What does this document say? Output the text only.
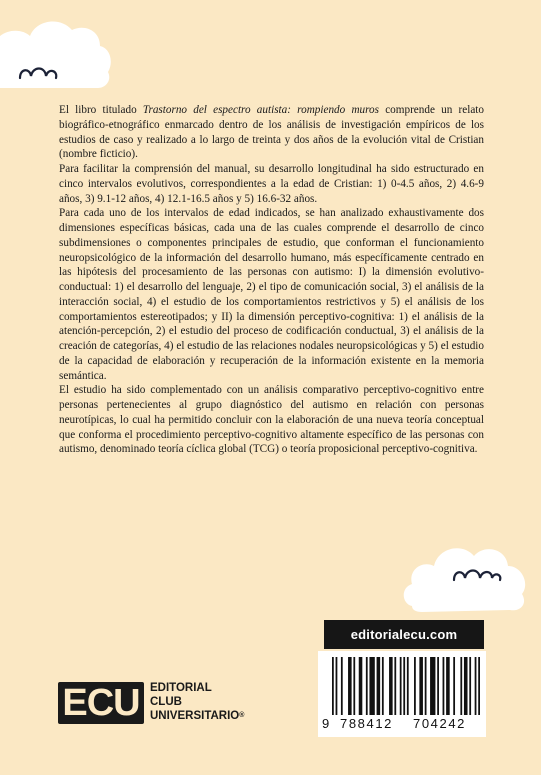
El libro titulado Trastorno del espectro autista: rompiendo muros comprende un relato biográfico-etnográfico enmarcado dentro de los análisis de investigación empíricos de los estudios de caso y realizado a lo largo de treinta y dos años de la evolución vital de Cristian (nombre ficticio).

Para facilitar la comprensión del manual, su desarrollo longitudinal ha sido estructurado en cinco intervalos evolutivos, correspondientes a la edad de Cristian: 1) 0-4.5 años, 2) 4.6-9 años, 3) 9.1-12 años, 4) 12.1-16.5 años y 5) 16.6-32 años.

Para cada uno de los intervalos de edad indicados, se han analizado exhaustivamente dos dimensiones específicas básicas, cada una de las cuales comprende el desarrollo de cinco subdimensiones o componentes principales de estudio, que conforman el funcionamiento neuropsicológico de la información del desarrollo humano, más específicamente centrado en las hipótesis del procesamiento de las personas con autismo: I) la dimensión evolutivo-conductual: 1) el desarrollo del lenguaje, 2) el tipo de comunicación social, 3) el análisis de la interacción social, 4) el estudio de los comportamientos restrictivos y 5) el análisis de los comportamientos estereotipados; y II) la dimensión perceptivo-cognitiva: 1) el análisis de la atención-percepción, 2) el estudio del proceso de codificación conductual, 3) el análisis de la creación de categorías, 4) el estudio de las relaciones nodales neuropsicológicas y 5) el estudio de la capacidad de elaboración y recuperación de la información existente en la memoria semántica.

El estudio ha sido complementado con un análisis comparativo perceptivo-cognitivo entre personas pertenecientes al grupo diagnóstico del autismo en relación con personas neurotípicas, lo cual ha permitido concluir con la elaboración de una nueva teoría conceptual que conforma el procedimiento perceptivo-cognitivo altamente específico de las personas con autismo, denominado teoría cíclica global (TCG) o teoría proposicional perceptivo-cognitiva.

ECU EDITORIAL
CLUB
UNIVERSITARIO®
editorialecu.com
9 788412 704242
